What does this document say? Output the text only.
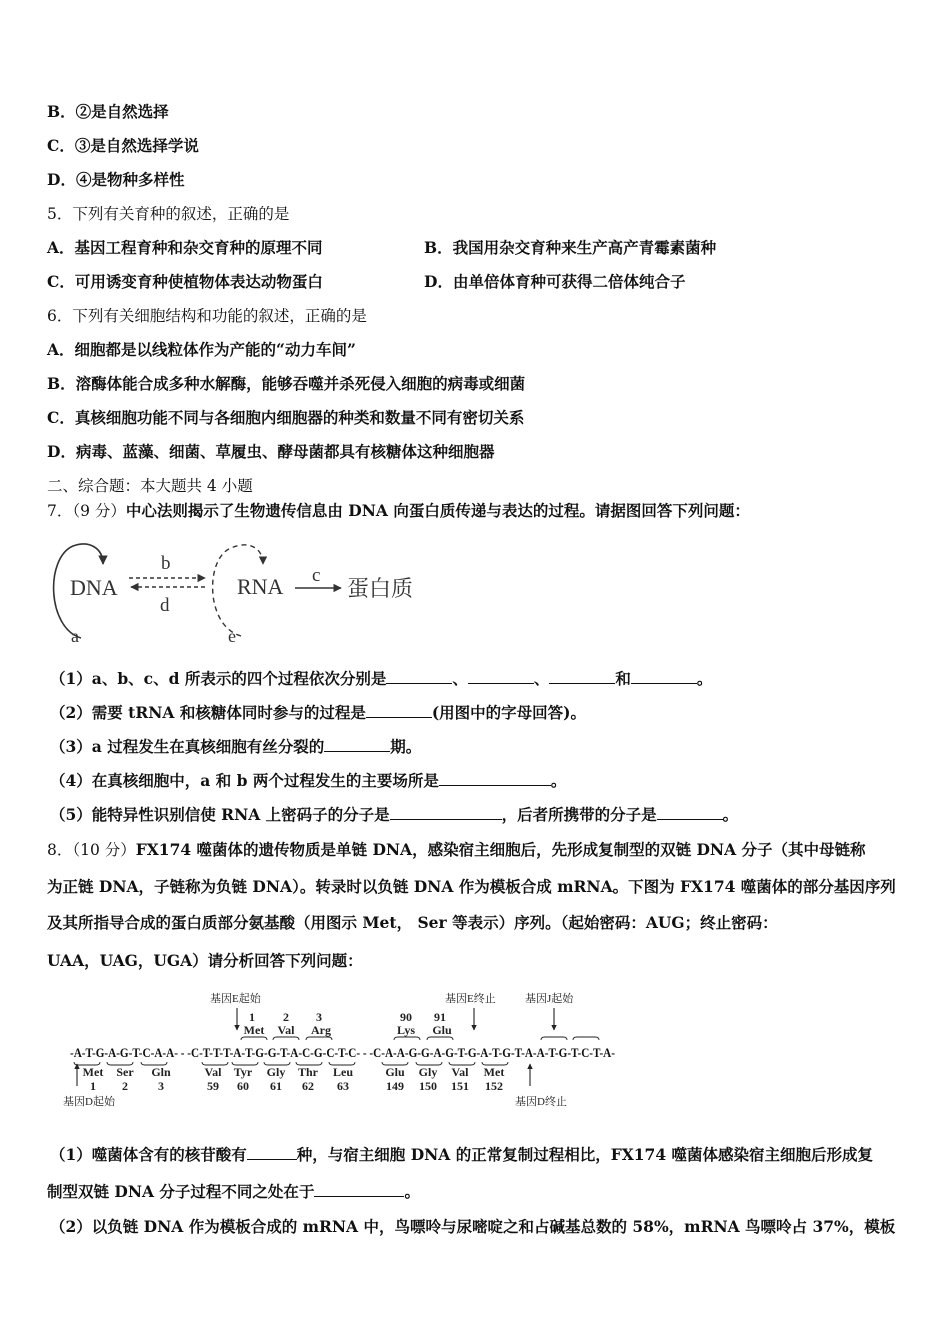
B．②是自然选择
C．③是自然选择学说
D．④是物种多样性
5．下列有关育种的叙述，正确的是
A．基因工程育种和杂交育种的原理不同	B．我国用杂交育种来生产高产青霉素菌种
C．可用诱变育种使植物体表达动物蛋白	D．由单倍体育种可获得二倍体纯合子
6．下列有关细胞结构和功能的叙述，正确的是
A．细胞都是以线粒体作为产能的“动力车间”
B．溶酶体能合成多种水解酶，能够吞噬并杀死侵入细胞的病毒或细菌
C．真核细胞功能不同与各细胞内细胞器的种类和数量不同有密切关系
D．病毒、蓝藻、细菌、草履虫、酵母菌都具有核糖体这种细胞器
二、综合题：本大题共 4 小题
7．（9 分）中心法则揭示了生物遗传信息由 DNA 向蛋白质传递与表达的过程。请据图回答下列问题：
DNA
a
b
d
RNA
e
c
蛋白质
（1）a、b、c、d 所表示的四个过程依次分别是	、	、	和	。
（2）需要 tRNA 和核糖体同时参与的过程是	(用图中的字母回答)。
（3）a 过程发生在真核细胞有丝分裂的	期。
（4）在真核细胞中，a 和 b 两个过程发生的主要场所是	。
（5）能特异性识别信使 RNA 上密码子的分子是	，后者所携带的分子是	。
8．（10 分）FX174 噬菌体的遗传物质是单链 DNA，感染宿主细胞后，先形成复制型的双链 DNA 分子（其中母链称
为正链 DNA，子链称为负链 DNA）。转录时以负链 DNA 作为模板合成 mRNA。下图为 FX174 噬菌体的部分基因序列
及其所指导合成的蛋白质部分氨基酸（用图示 Met， Ser 等表示）序列。（起始密码：AUG；终止密码：
UAA，UAG，UGA）请分析回答下列问题：
基因E起始	基因E终止	基因J起始
1
Met
2
Val
3
Arg
90
Lys
91
Glu
-A-T-G-A-G-T-C-A-A- - -C-T-T-T-A-T-G-G-T-A-C-G-C-T-C- - -C-A-A-G-G-A-G-T-G-A-T-G-T-A-A-T-G-T-C-T-A-
Met
1
Ser
2
Gln
3
Val
59
Tyr
60
Gly
61
Thr
62
Leu
63
Glu
149
Gly
150
Val
151
Met
152
基因D起始	基因D终止
（1）噬菌体含有的核苷酸有	种，与宿主细胞 DNA 的正常复制过程相比，FX174 噬菌体感染宿主细胞后形成复
制型双链 DNA 分子过程不同之处在于	。
（2）以负链 DNA 作为模板合成的 mRNA 中，鸟嘌呤与尿嘧啶之和占碱基总数的 58%，mRNA 鸟嘌呤占 37%，模板
